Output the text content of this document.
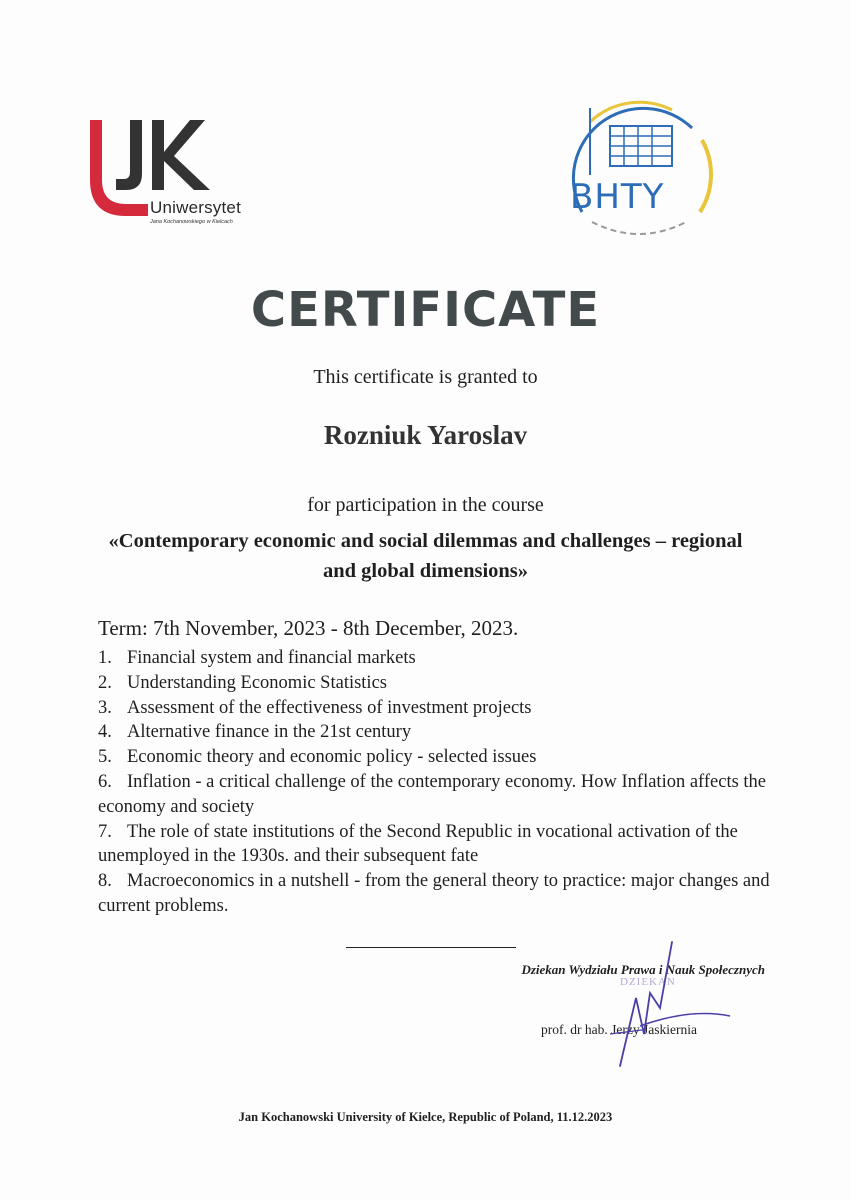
Uniwersytet
Jana Kochanowskiego w Kielcach
BHTY
CERTIFICATE
This certificate is granted to
Rozniuk Yaroslav
for participation in the course
«Contemporary economic and social dilemmas and challenges – regional and global dimensions»
Term: 7th November, 2023 - 8th December, 2023.
1. Financial system and financial markets
2. Understanding Economic Statistics
3. Assessment of the effectiveness of investment projects
4. Alternative finance in the 21st century
5. Economic theory and economic policy - selected issues
6. Inflation - a critical challenge of the contemporary economy. How Inflation affects the economy and society
7. The role of state institutions of the Second Republic in vocational activation of the unemployed in the 1930s. and their subsequent fate
8. Macroeconomics in a nutshell - from the general theory to practice: major changes and current problems.
Dziekan Wydziału Prawa i Nauk Społecznych
DZIEKAN
prof. dr hab. Jerzy Jaskiernia
Jan Kochanowski University of Kielce, Republic of Poland, 11.12.2023
